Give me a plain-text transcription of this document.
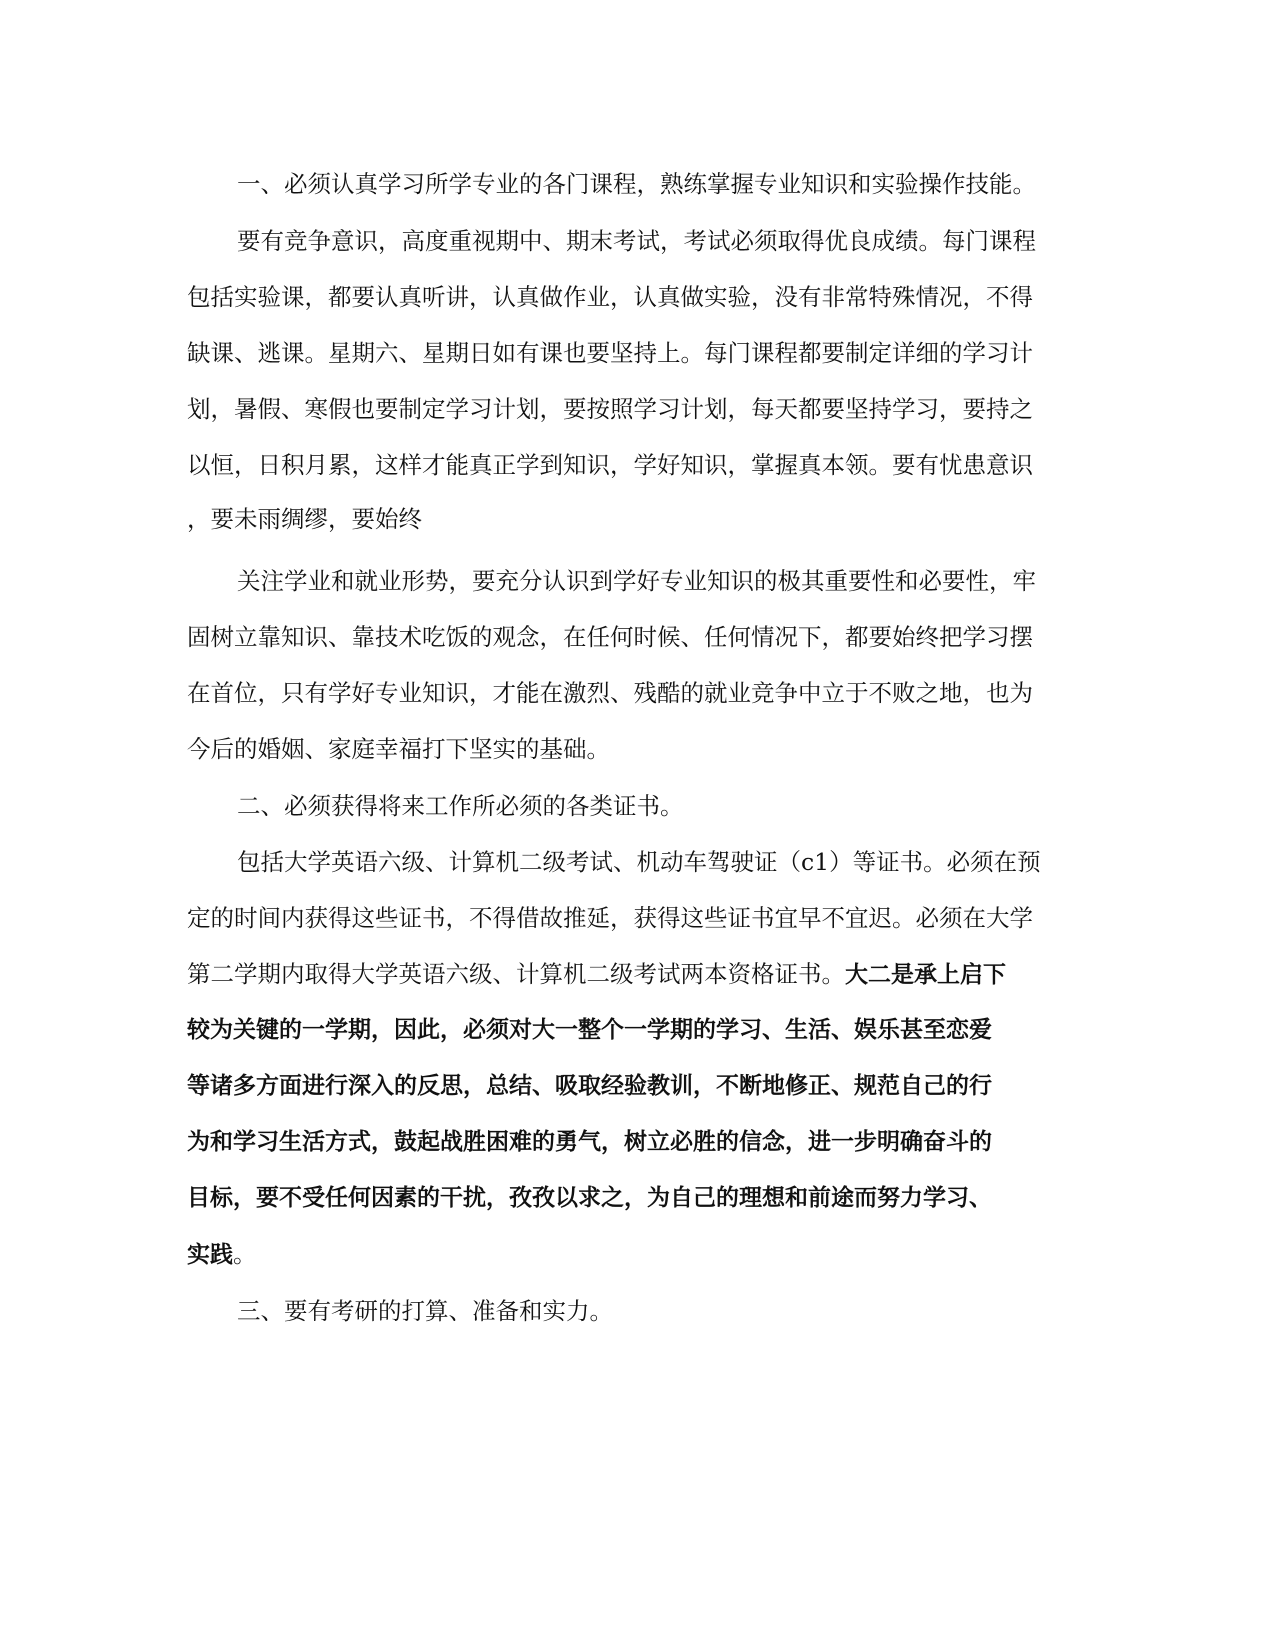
一、必须认真学习所学专业的各门课程，熟练掌握专业知识和实验操作技能。
要有竞争意识，高度重视期中、期末考试，考试必须取得优良成绩。每门课程
包括实验课，都要认真听讲，认真做作业，认真做实验，没有非常特殊情况，不得
缺课、逃课。星期六、星期日如有课也要坚持上。每门课程都要制定详细的学习计
划，暑假、寒假也要制定学习计划，要按照学习计划，每天都要坚持学习，要持之
以恒，日积月累，这样才能真正学到知识，学好知识，掌握真本领。要有忧患意识
，要未雨绸缪，要始终
关注学业和就业形势，要充分认识到学好专业知识的极其重要性和必要性，牢
固树立靠知识、靠技术吃饭的观念，在任何时候、任何情况下，都要始终把学习摆
在首位，只有学好专业知识，才能在激烈、残酷的就业竞争中立于不败之地，也为
今后的婚姻、家庭幸福打下坚实的基础。
二、必须获得将来工作所必须的各类证书。
包括大学英语六级、计算机二级考试、机动车驾驶证（c1）等证书。必须在预
定的时间内获得这些证书，不得借故推延，获得这些证书宜早不宜迟。必须在大学
第二学期内取得大学英语六级、计算机二级考试两本资格证书。大二是承上启下
较为关键的一学期，因此，必须对大一整个一学期的学习、生活、娱乐甚至恋爱
等诸多方面进行深入的反思，总结、吸取经验教训，不断地修正、规范自己的行
为和学习生活方式，鼓起战胜困难的勇气，树立必胜的信念，进一步明确奋斗的
目标，要不受任何因素的干扰，孜孜以求之，为自己的理想和前途而努力学习、
实践。
三、要有考研的打算、准备和实力。
